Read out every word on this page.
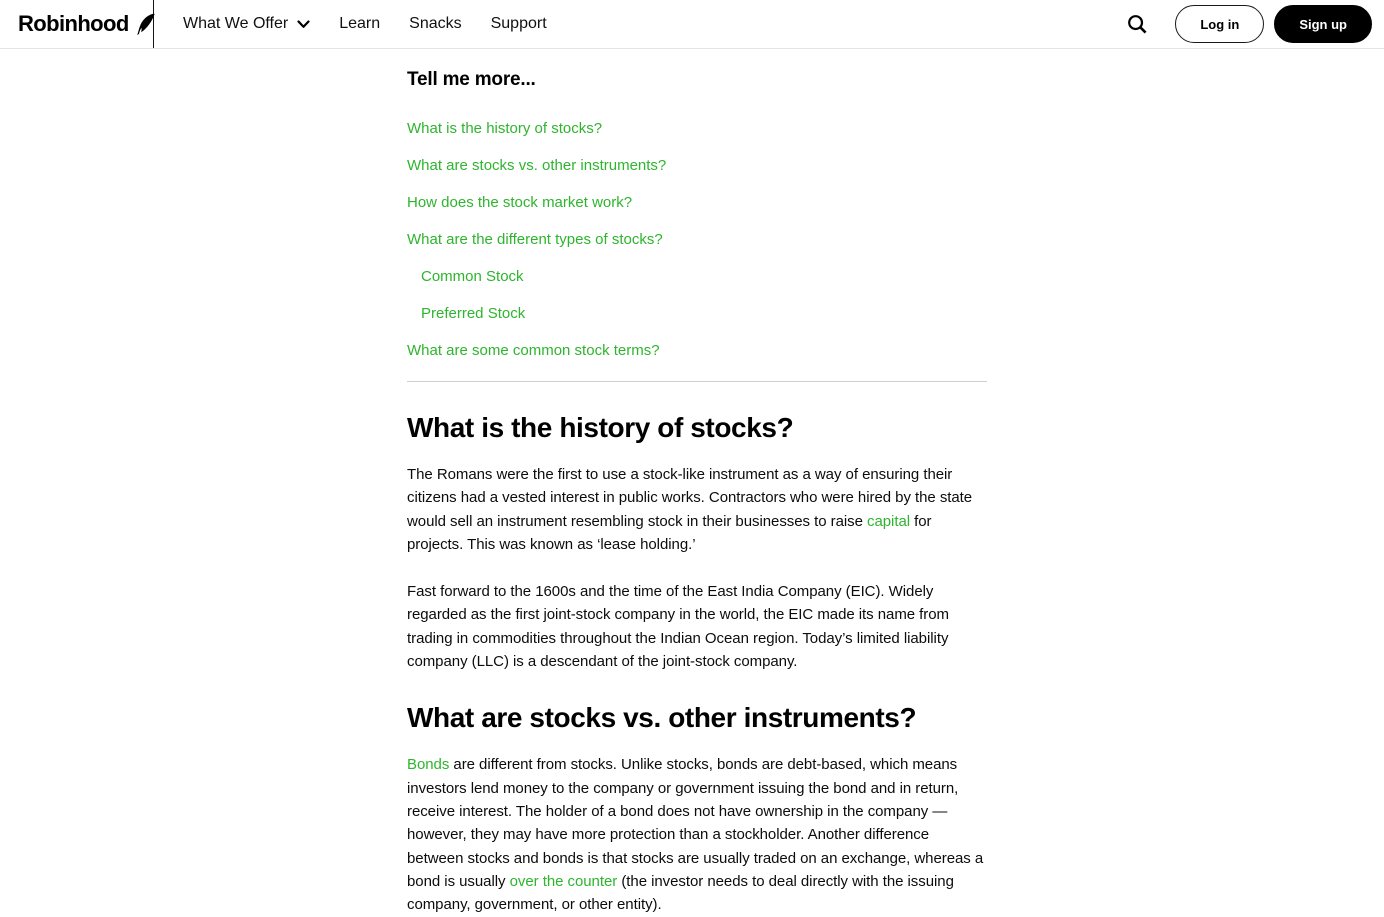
Robinhood	What We Offer	Learn Snacks Support	Log in	Sign up
Tell me more...
What is the history of stocks?
What are stocks vs. other instruments?
How does the stock market work?
What are the different types of stocks?
Common Stock
Preferred Stock
What are some common stock terms?
What is the history of stocks?

The Romans were the first to use a stock-like instrument as a way of ensuring their citizens had a vested interest in public works. Contractors who were hired by the state would sell an instrument resembling stock in their businesses to raise capital for projects. This was known as ‘lease holding.’

Fast forward to the 1600s and the time of the East India Company (EIC). Widely regarded as the first joint-stock company in the world, the EIC made its name from trading in commodities throughout the Indian Ocean region. Today’s limited liability company (LLC) is a descendant of the joint-stock company.

What are stocks vs. other instruments?

Bonds are different from stocks. Unlike stocks, bonds are debt-based, which means investors lend money to the company or government issuing the bond and in return, receive interest. The holder of a bond does not have ownership in the company — however, they may have more protection than a stockholder. Another difference between stocks and bonds is that stocks are usually traded on an exchange, whereas a bond is usually over the counter (the investor needs to deal directly with the issuing company, government, or other entity).
